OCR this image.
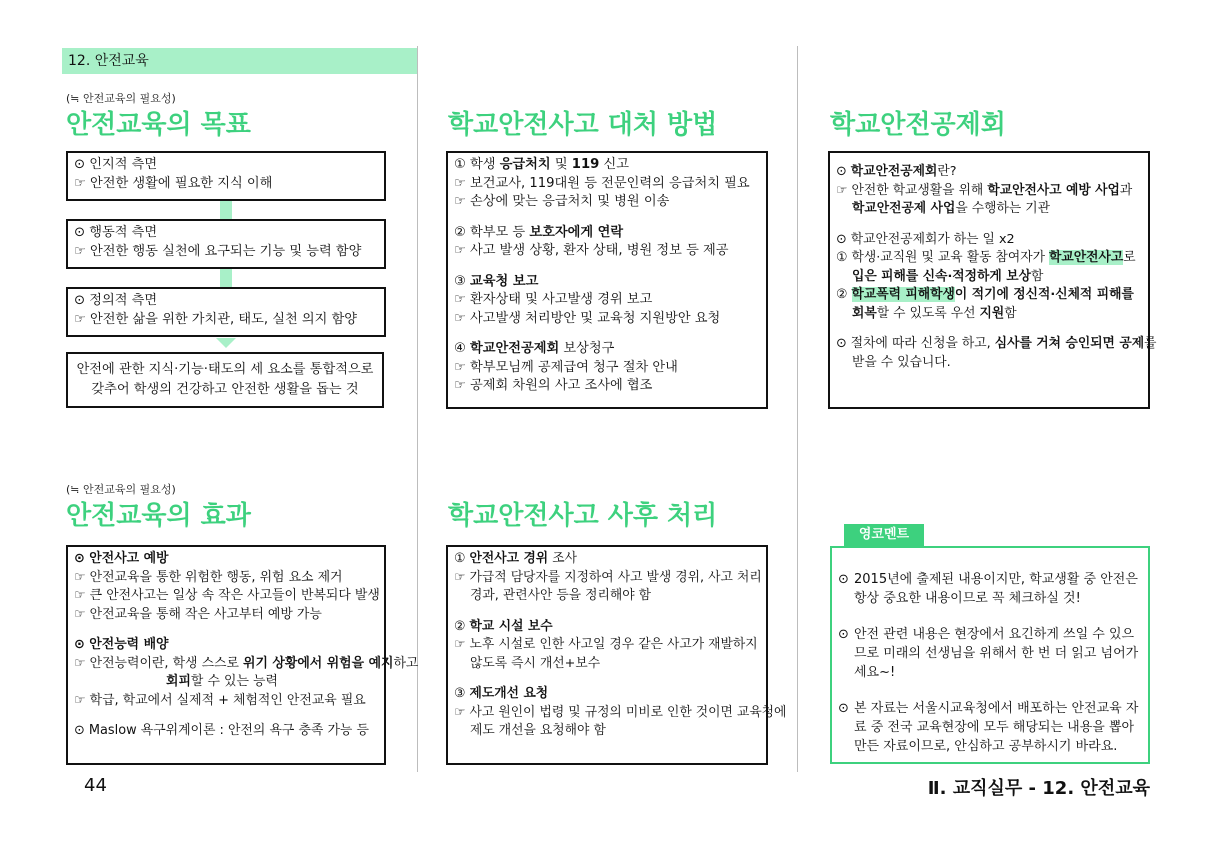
12. 안전교육
(≒ 안전교육의 필요성)
안전교육의 목표
⊙ 인지적 측면
☞ 안전한 생활에 필요한 지식 이해
⊙ 행동적 측면
☞ 안전한 행동 실천에 요구되는 기능 및 능력 함양
⊙ 정의적 측면
☞ 안전한 삶을 위한 가치관, 태도, 실천 의지 함양
안전에 관한 지식·기능·태도의 세 요소를 통합적으로
갖추어 학생의 건강하고 안전한 생활을 돕는 것
(≒ 안전교육의 필요성)
안전교육의 효과
⊙ 안전사고 예방
☞ 안전교육을 통한 위험한 행동, 위험 요소 제거
☞ 큰 안전사고는 일상 속 작은 사고들이 반복되다 발생
☞ 안전교육을 통해 작은 사고부터 예방 가능
⊙ 안전능력 배양
☞ 안전능력이란, 학생 스스로 위기 상황에서 위험을 예지하고
회피할 수 있는 능력
☞ 학급, 학교에서 실제적 + 체험적인 안전교육 필요
⊙ Maslow 욕구위계이론 : 안전의 욕구 충족 가능 등
학교안전사고 대처 방법
① 학생 응급처치 및 119 신고
☞ 보건교사, 119대원 등 전문인력의 응급처치 필요
☞ 손상에 맞는 응급처치 및 병원 이송
② 학부모 등 보호자에게 연락
☞ 사고 발생 상황, 환자 상태, 병원 정보 등 제공
③ 교육청 보고
☞ 환자상태 및 사고발생 경위 보고
☞ 사고발생 처리방안 및 교육청 지원방안 요청
④ 학교안전공제회 보상청구
☞ 학부모님께 공제급여 청구 절차 안내
☞ 공제회 차원의 사고 조사에 협조
학교안전사고 사후 처리
① 안전사고 경위 조사
☞ 가급적 담당자를 지정하여 사고 발생 경위, 사고 처리
경과, 관련사안 등을 정리해야 함
② 학교 시설 보수
☞ 노후 시설로 인한 사고일 경우 같은 사고가 재발하지
않도록 즉시 개선+보수
③ 제도개선 요청
☞ 사고 원인이 법령 및 규정의 미비로 인한 것이면 교육청에
제도 개선을 요청해야 함
학교안전공제회
⊙ 학교안전공제회란?
☞ 안전한 학교생활을 위해 학교안전사고 예방 사업과
학교안전공제 사업을 수행하는 기관
⊙ 학교안전공제회가 하는 일 x2
① 학생·교직원 및 교육 활동 참여자가 학교안전사고로
입은 피해를 신속·적정하게 보상함
② 학교폭력 피해학생이 적기에 정신적·신체적 피해를
회복할 수 있도록 우선 지원함
⊙ 절차에 따라 신청을 하고, 심사를 거쳐 승인되면 공제를
받을 수 있습니다.
영코멘트
⊙ 2015년에 출제된 내용이지만, 학교생활 중 안전은 항상 중요한 내용이므로 꼭 체크하실 것!
⊙ 안전 관련 내용은 현장에서 요긴하게 쓰일 수 있으므로 미래의 선생님을 위해서 한 번 더 읽고 넘어가세요~!
⊙ 본 자료는 서울시교육청에서 배포하는 안전교육 자료 중 전국 교육현장에 모두 해당되는 내용을 뽑아 만든 자료이므로, 안심하고 공부하시기 바라요.
44	Ⅱ. 교직실무 - 12. 안전교육
